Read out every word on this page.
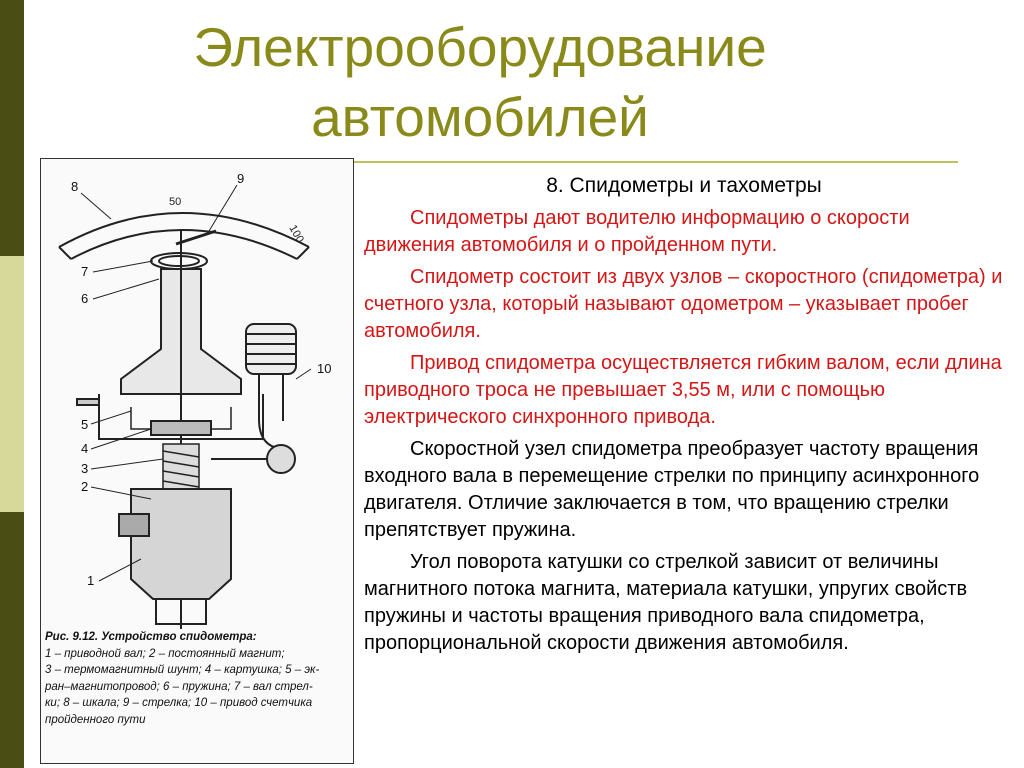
Электрооборудование
автомобилей
50
100
8
9
7
6
10
5
4
3
2
1
Рис. 9.12. Устройство спидометра:
1 – приводной вал; 2 – постоянный магнит;
3 – термомагнитный шунт; 4 – картушка; 5 – эк-
ран–магнитопровод; 6 – пружина; 7 – вал стрел-
ки; 8 – шкала; 9 – стрелка; 10 – привод счетчика
пройденного пути
8. Спидометры и тахометры

Спидометры дают водителю информацию о скорости движения автомобиля и о пройденном пути.

Спидометр состоит из двух узлов – скоростного (спидометра) и счетного узла, который называют одометром – указывает пробег автомобиля.

Привод спидометра осуществляется гибким валом, если длина приводного троса не превышает 3,55 м, или с помощью электрического синхронного привода.

Скоростной узел спидометра преобразует частоту вращения входного вала в перемещение стрелки по принципу асинхронного двигателя. Отличие заключается в том, что вращению стрелки препятствует пружина.

Угол поворота катушки со стрелкой зависит от величины магнитного потока магнита, материала катушки, упругих свойств пружины и частоты вращения приводного вала спидометра, пропорциональной скорости движения автомобиля.
